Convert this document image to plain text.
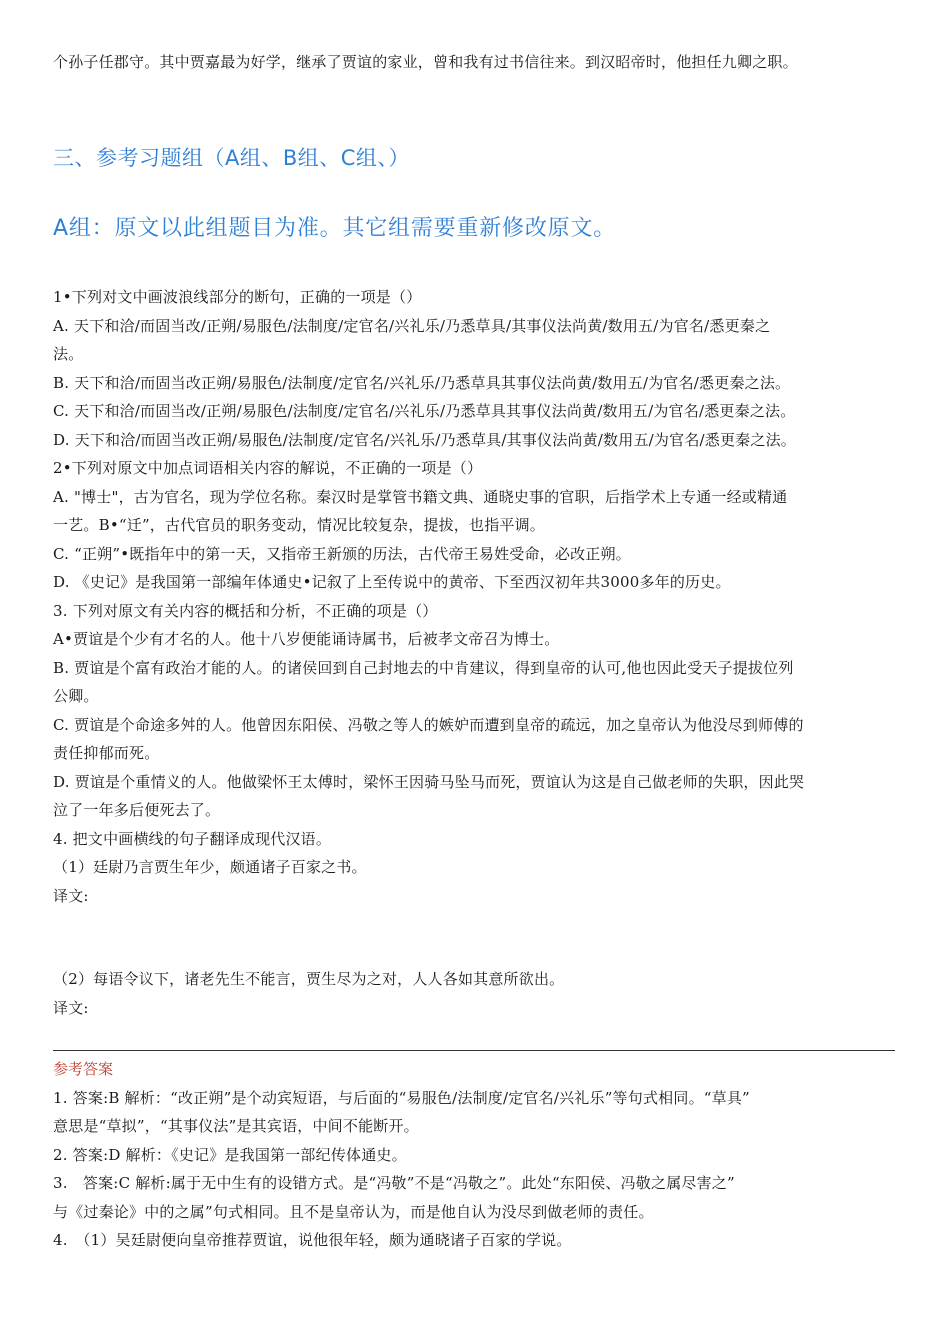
个孙子任郡守。其中贾嘉最为好学，继承了贾谊的家业，曾和我有过书信往来。到汉昭帝时，他担任九卿之职。
三、参考习题组（A组、B组、C组、）
A组：原文以此组题目为准。其它组需要重新修改原文。
1•下列对文中画波浪线部分的断句，正确的一项是（）
A. 天下和洽/而固当改/正朔/易服色/法制度/定官名/兴礼乐/乃悉草具/其事仪法尚黄/数用五/为官名/悉更秦之
法。
B. 天下和洽/而固当改正朔/易服色/法制度/定官名/兴礼乐/乃悉草具其事仪法尚黄/数用五/为官名/悉更秦之法。
C. 天下和洽/而固当改/正朔/易服色/法制度/定官名/兴礼乐/乃悉草具其事仪法尚黄/数用五/为官名/悉更秦之法。
D. 天下和洽/而固当改正朔/易服色/法制度/定官名/兴礼乐/乃悉草具/其事仪法尚黄/数用五/为官名/悉更秦之法。
2•下列对原文中加点词语相关内容的解说，不正确的一项是（）
A. "博士"，古为官名，现为学位名称。秦汉时是掌管书籍文典、通晓史事的官职，后指学术上专通一经或精通
一艺。B•“迁”，古代官员的职务变动，情况比较复杂，提拔，也指平调。
C. “正朔”•既指年中的第一天，又指帝王新颁的历法，古代帝王易姓受命，必改正朔。
D. 《史记》是我国第一部编年体通史•记叙了上至传说中的黄帝、下至西汉初年共3000多年的历史。
3. 下列对原文有关内容的概括和分析，不正确的项是（）
A•贾谊是个少有才名的人。他十八岁便能诵诗属书，后被孝文帝召为博士。
B. 贾谊是个富有政治才能的人。的诸侯回到自己封地去的中肯建议，得到皇帝的认可,他也因此受天子提拔位列
公卿。
C. 贾谊是个命途多舛的人。他曾因东阳侯、冯敬之等人的嫉妒而遭到皇帝的疏远，加之皇帝认为他没尽到师傅的
责任抑郁而死。
D. 贾谊是个重情义的人。他做梁怀王太傅时，梁怀王因骑马坠马而死，贾谊认为这是自己做老师的失职，因此哭
泣了一年多后便死去了。
4. 把文中画横线的句子翻译成现代汉语。
（1）廷尉乃言贾生年少，颇通诸子百家之书。
译文:
（2）每语令议下，诸老先生不能言，贾生尽为之对，人人各如其意所欲出。
译文:
参考答案
1. 答案:B 解析：“改正朔”是个动宾短语，与后面的“易服色/法制度/定官名/兴礼乐”等句式相同。“草具”
意思是“草拟”，“其事仪法”是其宾语，中间不能断开。
2. 答案:D 解析：《史记》是我国第一部纪传体通史。
3.　答案:C 解析:属于无中生有的设错方式。是“冯敬”不是“冯敬之”。此处“东阳侯、冯敬之属尽害之”
与《过秦论》中的之属”句式相同。且不是皇帝认为，而是他自认为没尽到做老师的责任。
4.　（1）吴廷尉便向皇帝推荐贾谊，说他很年轻，颇为通晓诸子百家的学说。
